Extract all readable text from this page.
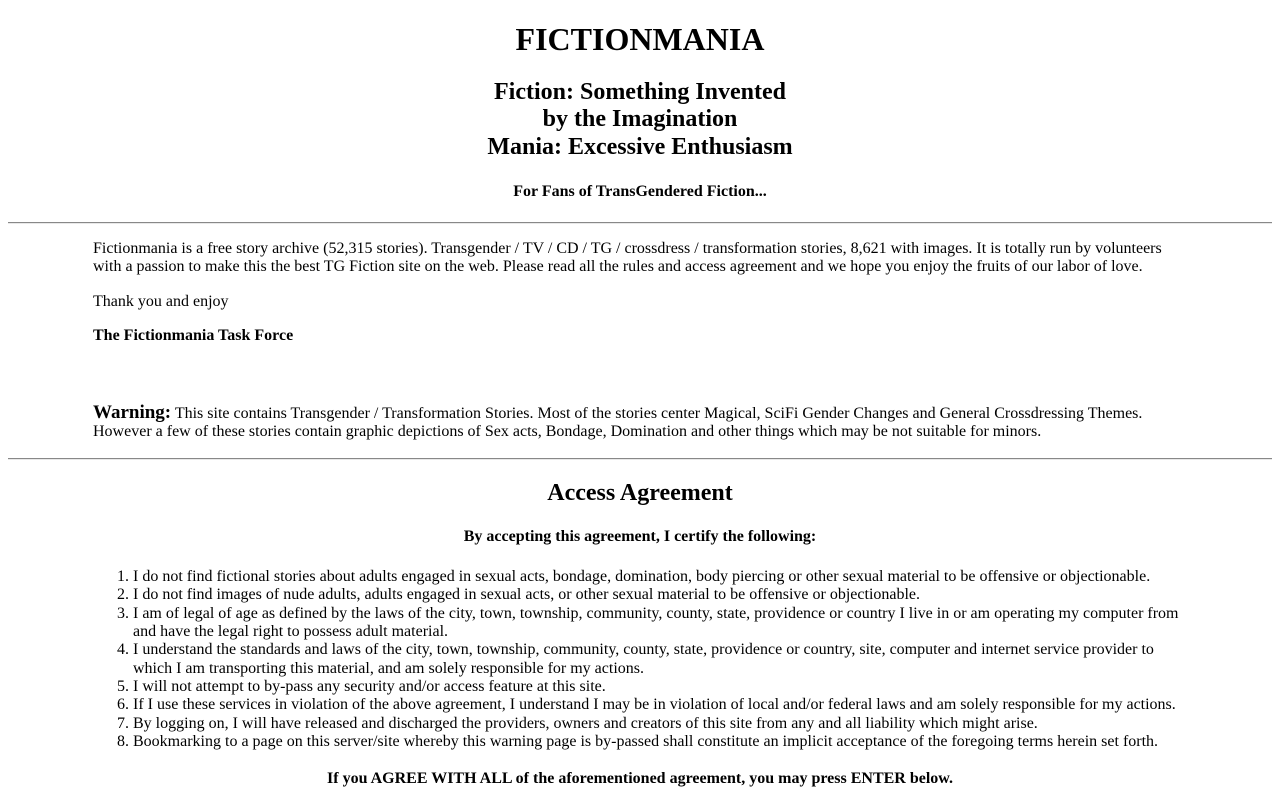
FICTIONMANIA
Fiction: Something Invented
by the Imagination
Mania: Excessive Enthusiasm
For Fans of TransGendered Fiction...

Fictionmania is a free story archive (52,315 stories). Transgender / TV / CD / TG / crossdress / transformation stories, 8,621 with images. It is totally run by volunteers with a passion to make this the best TG Fiction site on the web. Please read all the rules and access agreement and we hope you enjoy the fruits of our labor of love.

Thank you and enjoy

The Fictionmania Task Force

Warning: This site contains Transgender / Transformation Stories. Most of the stories center Magical, SciFi Gender Changes and General Crossdressing Themes. However a few of these stories contain graphic depictions of Sex acts, Bondage, Domination and other things which may be not suitable for minors.

Access Agreement
By accepting this agreement, I certify the following:
1. I do not find fictional stories about adults engaged in sexual acts, bondage, domination, body piercing or other sexual material to be offensive or objectionable.
2. I do not find images of nude adults, adults engaged in sexual acts, or other sexual material to be offensive or objectionable.
3. I am of legal of age as defined by the laws of the city, town, township, community, county, state, providence or country I live in or am operating my computer from and have the legal right to possess adult material.
4. I understand the standards and laws of the city, town, township, community, county, state, providence or country, site, computer and internet service provider to which I am transporting this material, and am solely responsible for my actions.
5. I will not attempt to by-pass any security and/or access feature at this site.
6. If I use these services in violation of the above agreement, I understand I may be in violation of local and/or federal laws and am solely responsible for my actions.
7. By logging on, I will have released and discharged the providers, owners and creators of this site from any and all liability which might arise.
8. Bookmarking to a page on this server/site whereby this warning page is by-passed shall constitute an implicit acceptance of the foregoing terms herein set forth.

If you AGREE WITH ALL of the aforementioned agreement, you may press ENTER below.
